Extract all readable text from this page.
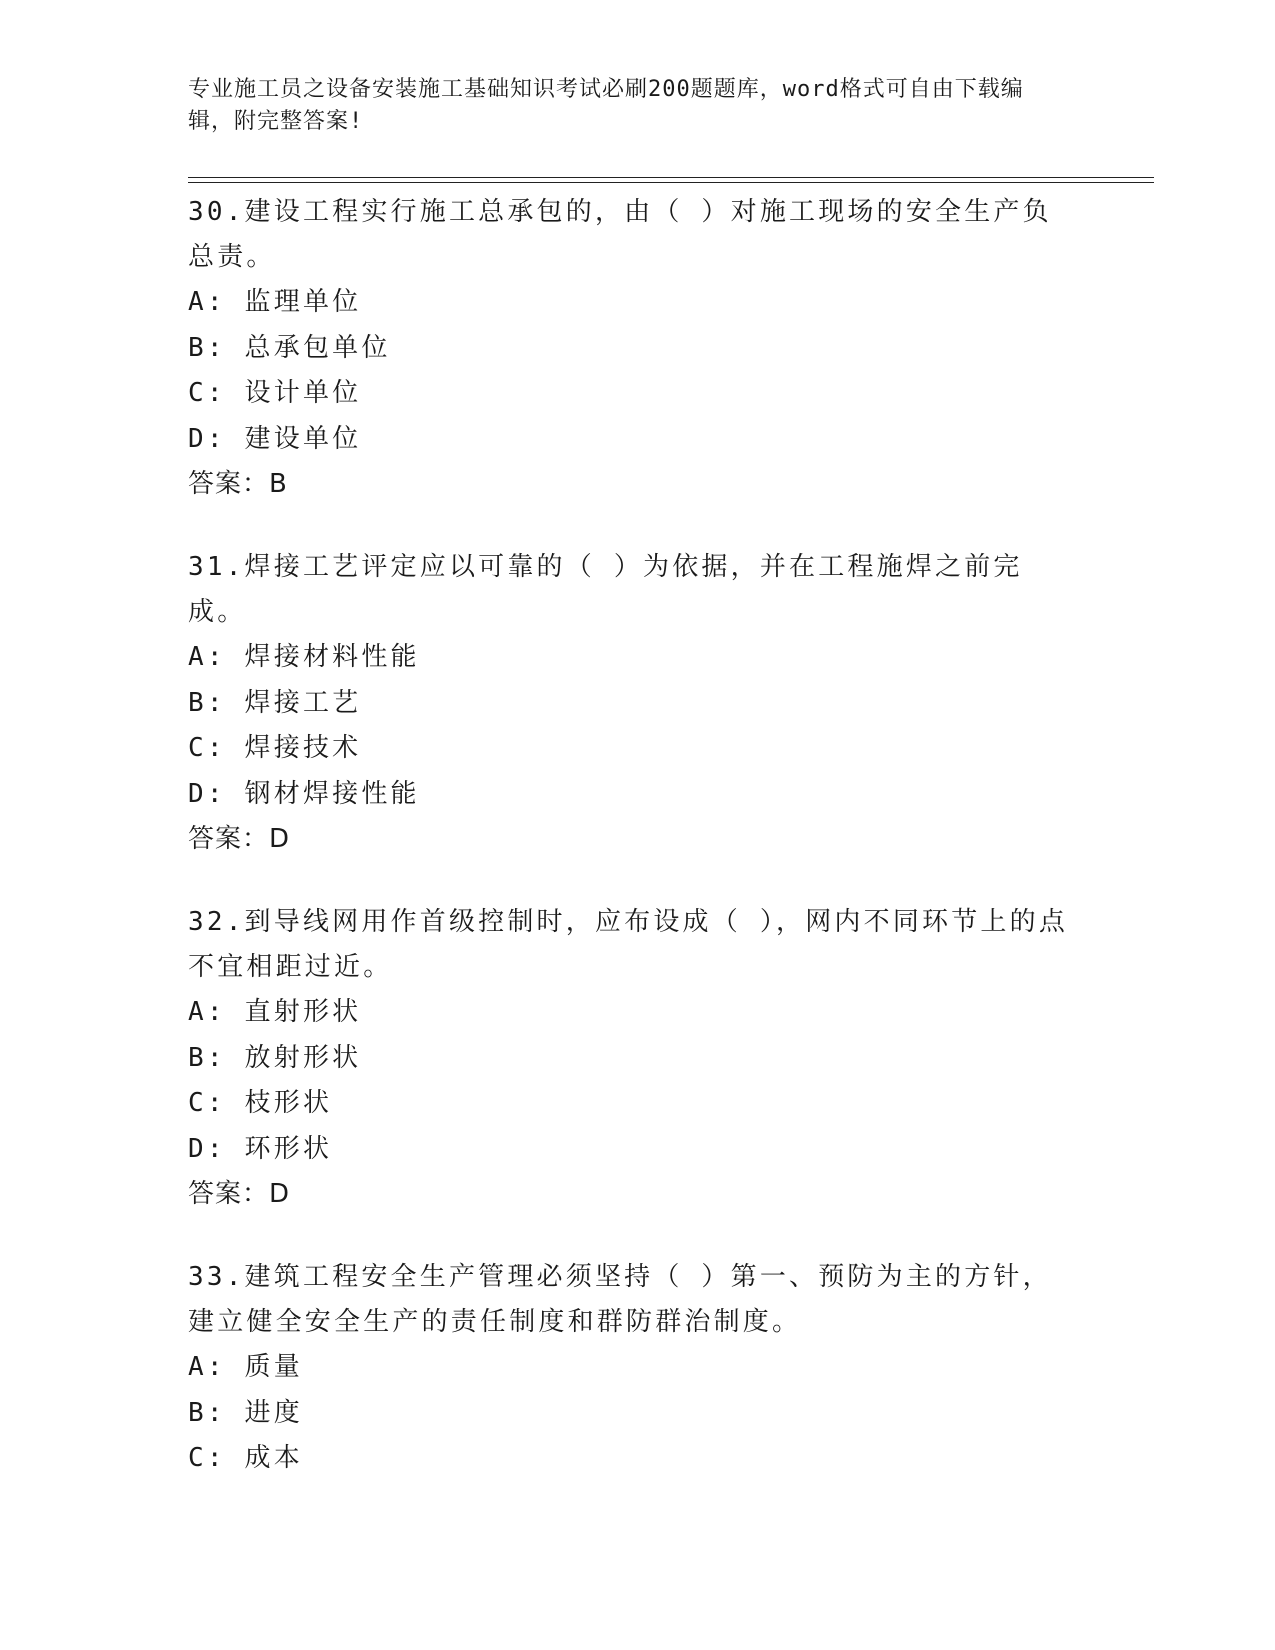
专业施工员之设备安装施工基础知识考试必刷200题题库，word格式可自由下载编辑，附完整答案!

30.建设工程实行施工总承包的，由（ ）对施工现场的安全生产负总责。

A: 监理单位

B: 总承包单位

C: 设计单位

D: 建设单位

答案：B

31.焊接工艺评定应以可靠的（ ）为依据，并在工程施焊之前完成。

A: 焊接材料性能

B: 焊接工艺

C: 焊接技术

D: 钢材焊接性能

答案：D

32.到导线网用作首级控制时，应布设成（ ），网内不同环节上的点不宜相距过近。

A: 直射形状

B: 放射形状

C: 枝形状

D: 环形状

答案：D

33.建筑工程安全生产管理必须坚持（ ）第一、预防为主的方针，建立健全安全生产的责任制度和群防群治制度。

A: 质量

B: 进度

C: 成本
